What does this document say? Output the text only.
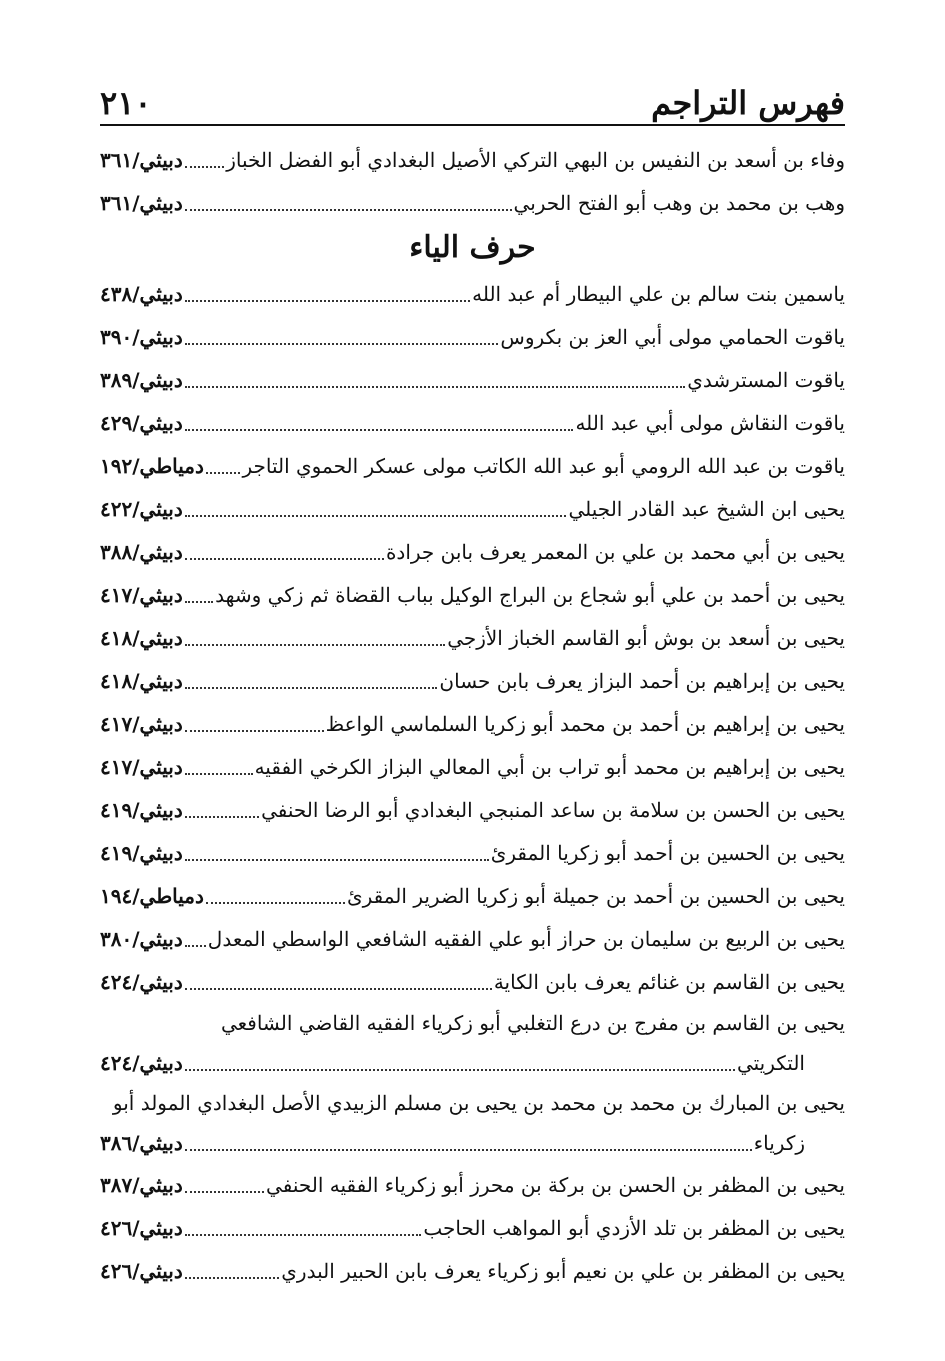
٢١٠	فهرس التراجم
وفاء بن أسعد بن النفيس بن البهي التركي الأصيل البغدادي أبو الفضل الخباز
دبيثي/٣٦١
وهب بن محمد بن وهب أبو الفتح الحربي
دبيثي/٣٦١
حرف الياء
ياسمين بنت سالم بن علي البيطار أم عبد الله
دبيثي/٤٣٨
ياقوت الحمامي مولى أبي العز بن بكروس
دبيثي/٣٩٠
ياقوت المسترشدي
دبيثي/٣٨٩
ياقوت النقاش مولى أبي عبد الله
دبيثي/٤٢٩
ياقوت بن عبد الله الرومي أبو عبد الله الكاتب مولى عسكر الحموي التاجر
دمياطي/١٩٢
يحيى ابن الشيخ عبد القادر الجيلي
دبيثي/٤٢٢
يحيى بن أبي محمد بن علي بن المعمر يعرف بابن جرادة
دبيثي/٣٨٨
يحيى بن أحمد بن علي أبو شجاع بن البراج الوكيل بباب القضاة ثم زكي وشهد
دبيثي/٤١٧
يحيى بن أسعد بن بوش أبو القاسم الخباز الأزجي
دبيثي/٤١٨
يحيى بن إبراهيم بن أحمد البزاز يعرف بابن حسان
دبيثي/٤١٨
يحيى بن إبراهيم بن أحمد بن محمد أبو زكريا السلماسي الواعظ
دبيثي/٤١٧
يحيى بن إبراهيم بن محمد أبو تراب بن أبي المعالي البزاز الكرخي الفقيه
دبيثي/٤١٧
يحيى بن الحسن بن سلامة بن ساعد المنبجي البغدادي أبو الرضا الحنفي
دبيثي/٤١٩
يحيى بن الحسين بن أحمد أبو زكريا المقرئ
دبيثي/٤١٩
يحيى بن الحسين بن أحمد بن جميلة أبو زكريا الضرير المقرئ
دمياطي/١٩٤
يحيى بن الربيع بن سليمان بن حراز أبو علي الفقيه الشافعي الواسطي المعدل
دبيثي/٣٨٠
يحيى بن القاسم بن غنائم يعرف بابن الكاية
دبيثي/٤٢٤
يحيى بن القاسم بن مفرج بن درع التغلبي أبو زكرياء الفقيه القاضي الشافعي
التكريتي
دبيثي/٤٢٤
يحيى بن المبارك بن محمد بن محمد بن يحيى بن مسلم الزبيدي الأصل البغدادي المولد أبو
زكرياء
دبيثي/٣٨٦
يحيى بن المظفر بن الحسن بن بركة بن محرز أبو زكرياء الفقيه الحنفي
دبيثي/٣٨٧
يحيى بن المظفر بن تلد الأزدي أبو المواهب الحاجب
دبيثي/٤٢٦
يحيى بن المظفر بن علي بن نعيم أبو زكرياء يعرف بابن الحبير البدري
دبيثي/٤٢٦
